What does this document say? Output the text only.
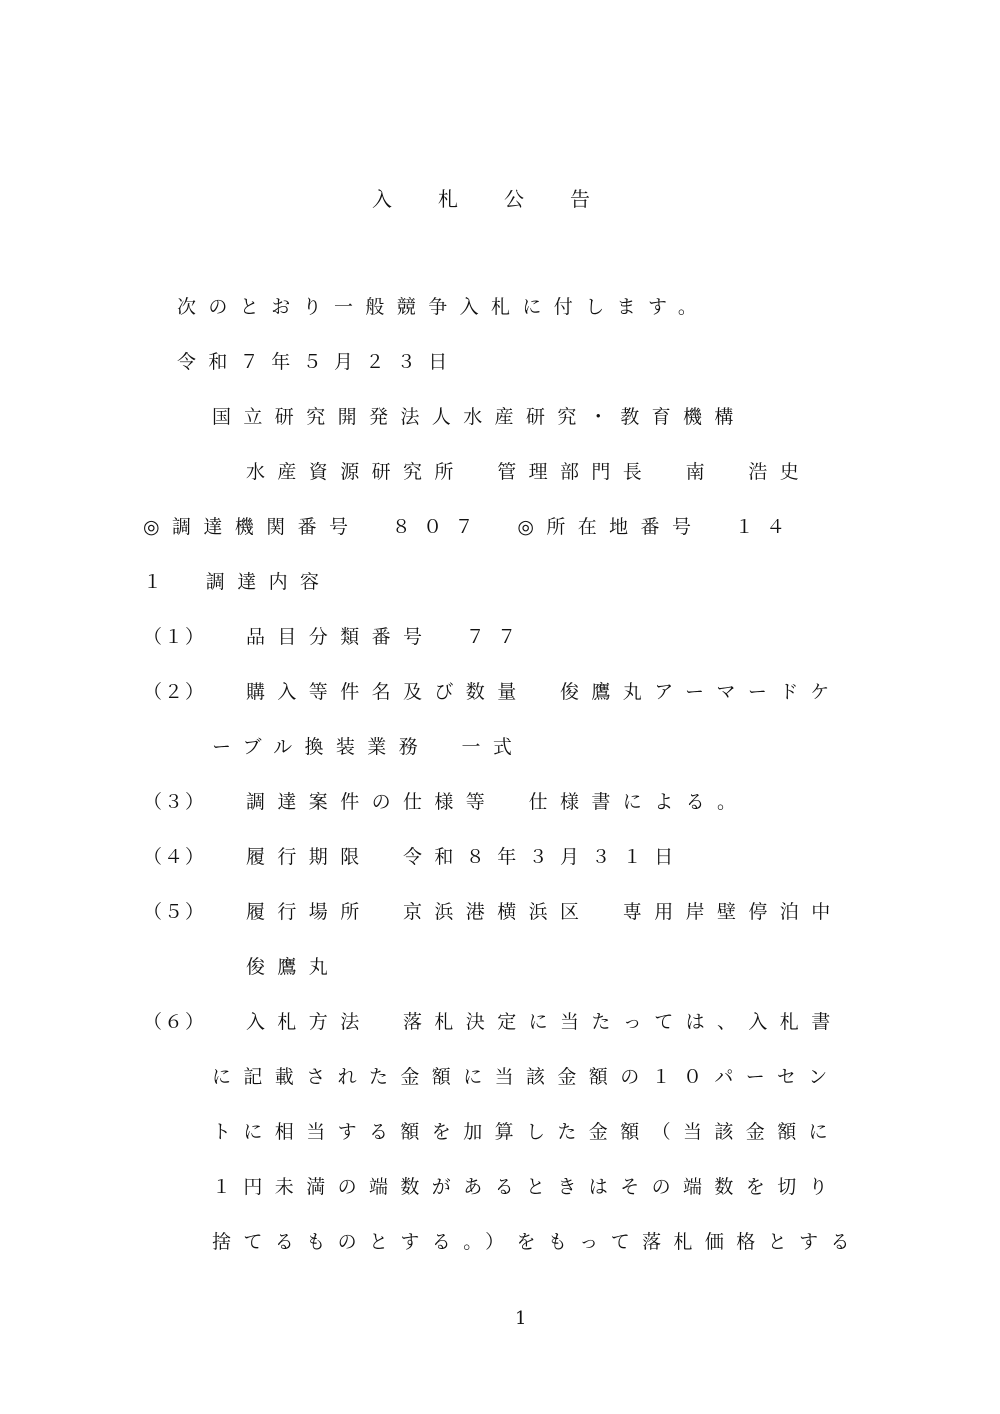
入札公告
次のとおり一般競争入札に付します。
令和７年５月２３日
国立研究開発法人水産研究・教育機構
水産資源研究所　管理部門長　南　浩史
◎調達機関番号　８０７　◎所在地番号　１４
１　調達内容
（１） 品目分類番号　７７
（２） 購入等件名及び数量　俊鷹丸アーマードケ
ーブル換装業務　一式
（３） 調達案件の仕様等　仕様書による。
（４） 履行期限　令和８年３月３１日
（５） 履行場所　京浜港横浜区　専用岸壁停泊中
俊鷹丸
（６） 入札方法　落札決定に当たっては、入札書
に記載された金額に当該金額の１０パーセン
トに相当する額を加算した金額（当該金額に
１円未満の端数があるときはその端数を切り
捨てるものとする。）をもって落札価格とする
1
